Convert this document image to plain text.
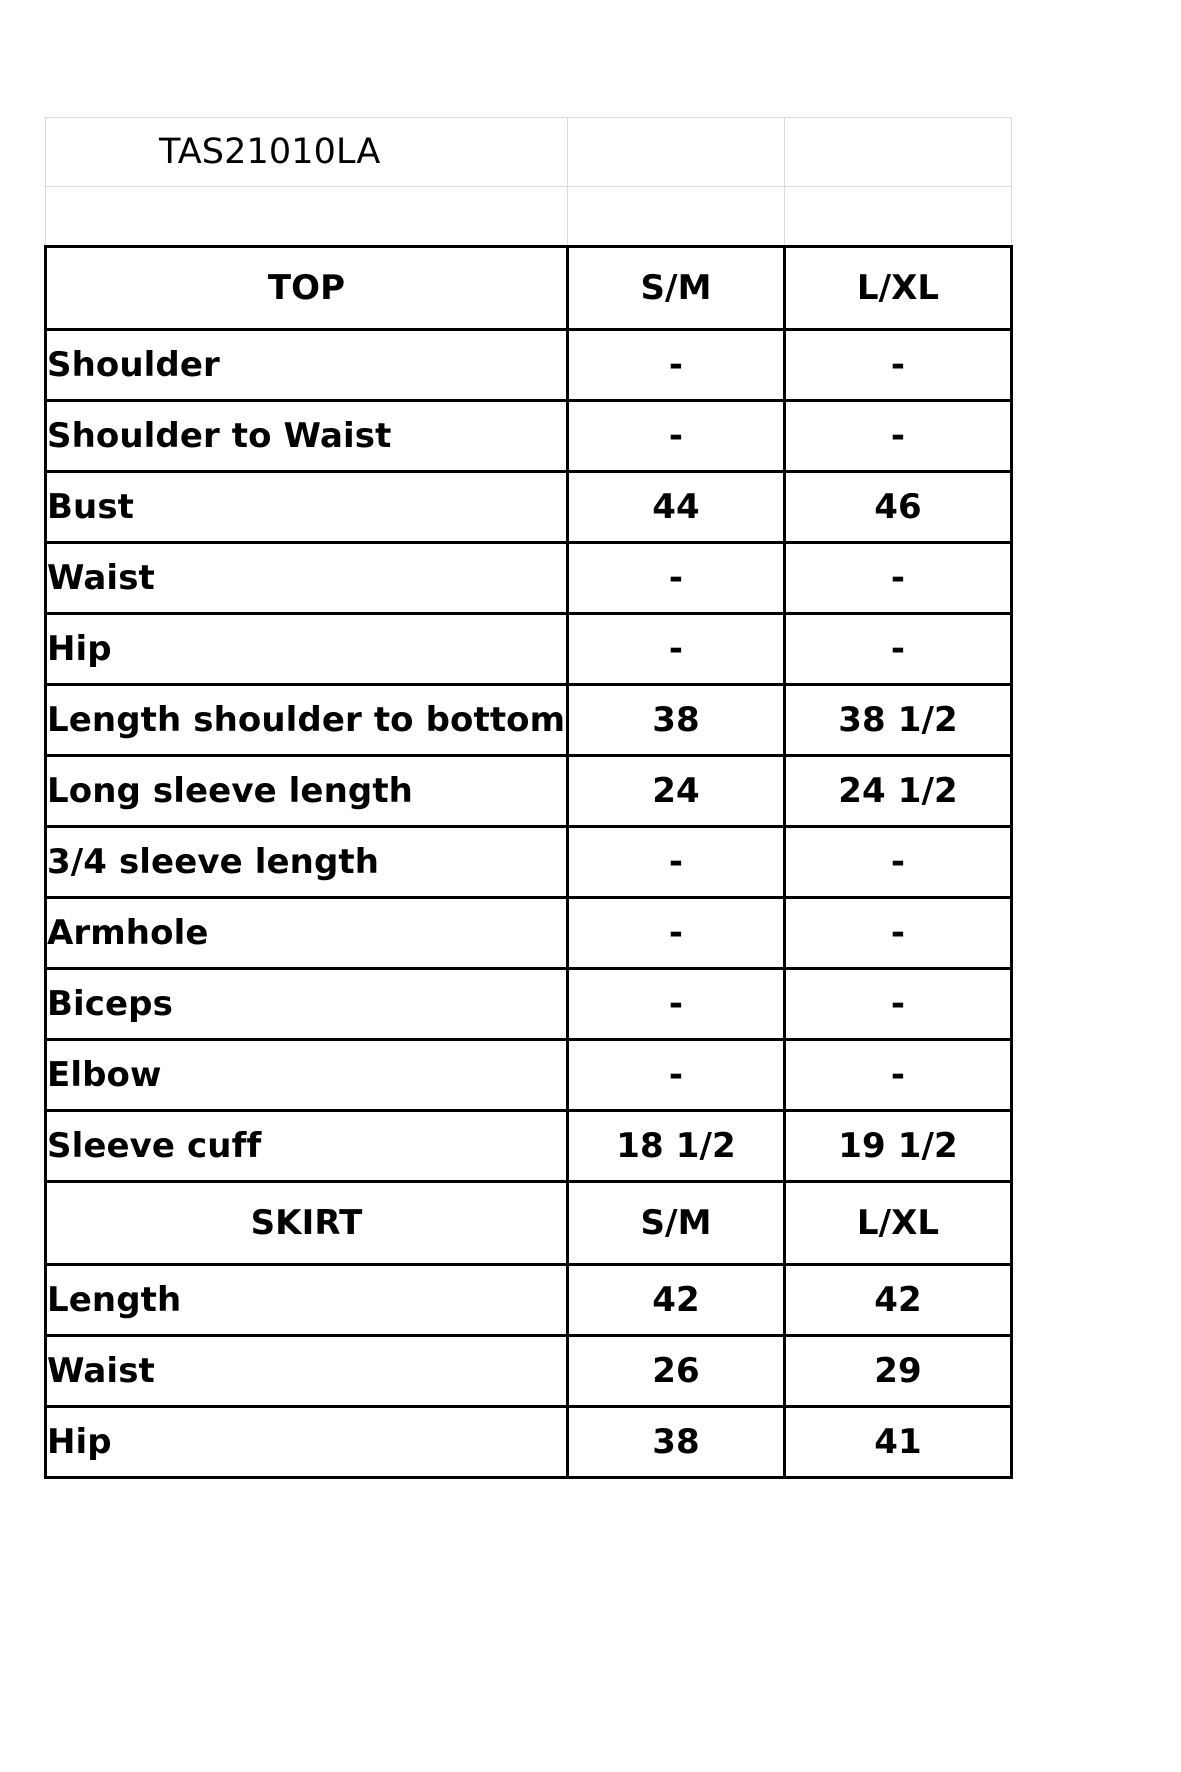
TAS21010LA		

TOP	S/M	L/XL
Shoulder	-	-
Shoulder to Waist	-	-
Bust	44	46
Waist	-	-
Hip	-	-
Length shoulder to bottom	38	38 1/2
Long sleeve length	24	24 1/2
3/4 sleeve length	-	-
Armhole	-	-
Biceps	-	-
Elbow	-	-
Sleeve cuff	18 1/2	19 1/2
SKIRT	S/M	L/XL
Length	42	42
Waist	26	29
Hip	38	41
